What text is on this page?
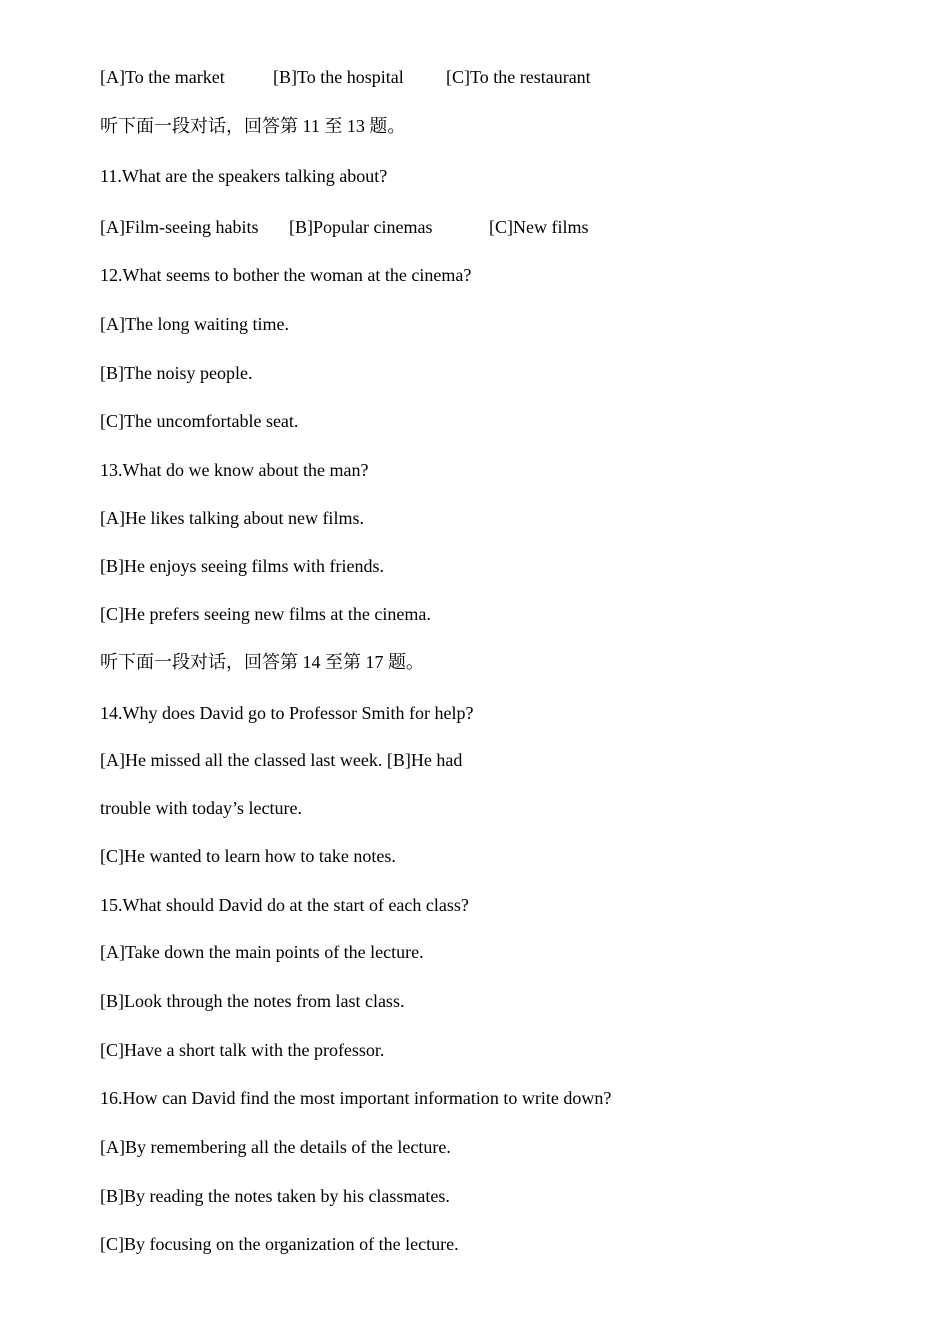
[A]To the market	[B]To the hospital [C]To the restaurant
听下面一段对话，回答第 11 至 13 题。
11.What are the speakers talking about?
[A]Film-seeing habits [B]Popular cinemas	[C]New films
12.What seems to bother the woman at the cinema?
[A]The long waiting time.
[B]The noisy people.
[C]The uncomfortable seat.
13.What do we know about the man?
[A]He likes talking about new films.
[B]He enjoys seeing films with friends.
[C]He prefers seeing new films at the cinema.
听下面一段对话，回答第 14 至第 17 题。
14.Why does David go to Professor Smith for help?
[A]He missed all the classed last week. [B]He had
trouble with today’s lecture.
[C]He wanted to learn how to take notes.
15.What should David do at the start of each class?
[A]Take down the main points of the lecture.
[B]Look through the notes from last class.
[C]Have a short talk with the professor.
16.How can David find the most important information to write down?
[A]By remembering all the details of the lecture.
[B]By reading the notes taken by his classmates.
[C]By focusing on the organization of the lecture.
